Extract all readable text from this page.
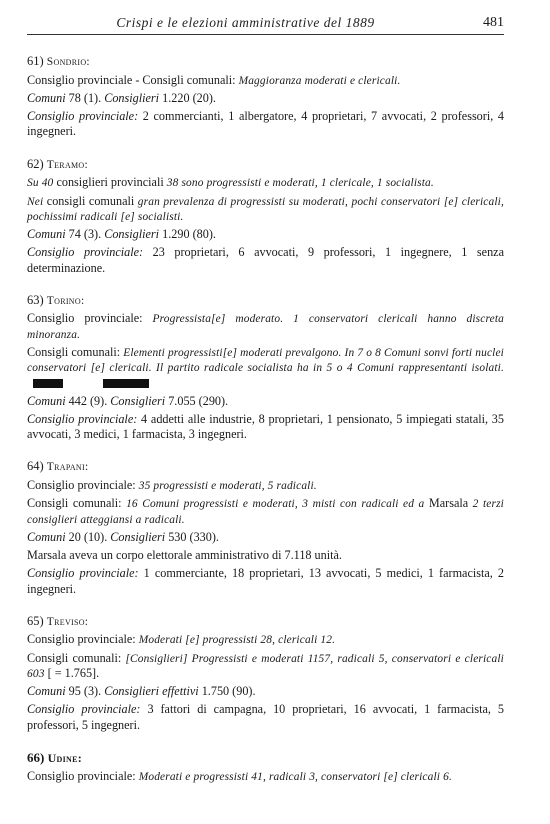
Crispi e le elezioni amministrative del 1889	481
61) Sondrio:

Consiglio provinciale - Consigli comunali: Maggioranza moderati e clericali.

Comuni 78 (1). Consiglieri 1.220 (20).

Consiglio provinciale: 2 commercianti, 1 albergatore, 4 proprietari, 7 avvocati, 2 professori, 4 ingegneri.

62) Teramo:

Su 40 consiglieri provinciali 38 sono progressisti e moderati, 1 clericale, 1 socialista.

Nei consigli comunali gran prevalenza di progressisti su moderati, pochi conservatori [e] clericali, pochissimi radicali [e] socialisti.

Comuni 74 (3). Consiglieri 1.290 (80).

Consiglio provinciale: 23 proprietari, 6 avvocati, 9 professori, 1 ingegnere, 1 senza determinazione.

63) Torino:

Consiglio provinciale: Progressista[e] moderato. 1 conservatori clericali hanno discreta minoranza.

Consigli comunali: Elementi progressisti[e] moderati prevalgono. In 7 o 8 Comuni sonvi forti nuclei conservatori [e] clericali. Il partito radicale socialista ha in 5 o 4 Comuni rappresentanti isolati.

Comuni 442 (9). Consiglieri 7.055 (290).

Consiglio provinciale: 4 addetti alle industrie, 8 proprietari, 1 pensionato, 5 impiegati statali, 35 avvocati, 3 medici, 1 farmacista, 3 ingegneri.

64) Trapani:

Consiglio provinciale: 35 progressisti e moderati, 5 radicali.

Consigli comunali: 16 Comuni progressisti e moderati, 3 misti con radicali ed a Marsala 2 terzi consiglieri atteggiansi a radicali.

Comuni 20 (10). Consiglieri 530 (330).

Marsala aveva un corpo elettorale amministrativo di 7.118 unità.

Consiglio provinciale: 1 commerciante, 18 proprietari, 13 avvocati, 5 medici, 1 farmacista, 2 ingegneri.

65) Treviso:

Consiglio provinciale: Moderati [e] progressisti 28, clericali 12.

Consigli comunali: [Consiglieri] Progressisti e moderati 1157, radicali 5, conservatori e clericali 603 [ = 1.765].

Comuni 95 (3). Consiglieri effettivi 1.750 (90).

Consiglio provinciale: 3 fattori di campagna, 10 proprietari, 16 avvocati, 1 farmacista, 5 professori, 5 ingegneri.

66) Udine:

Consiglio provinciale: Moderati e progressisti 41, radicali 3, conservatori [e] clericali 6.
